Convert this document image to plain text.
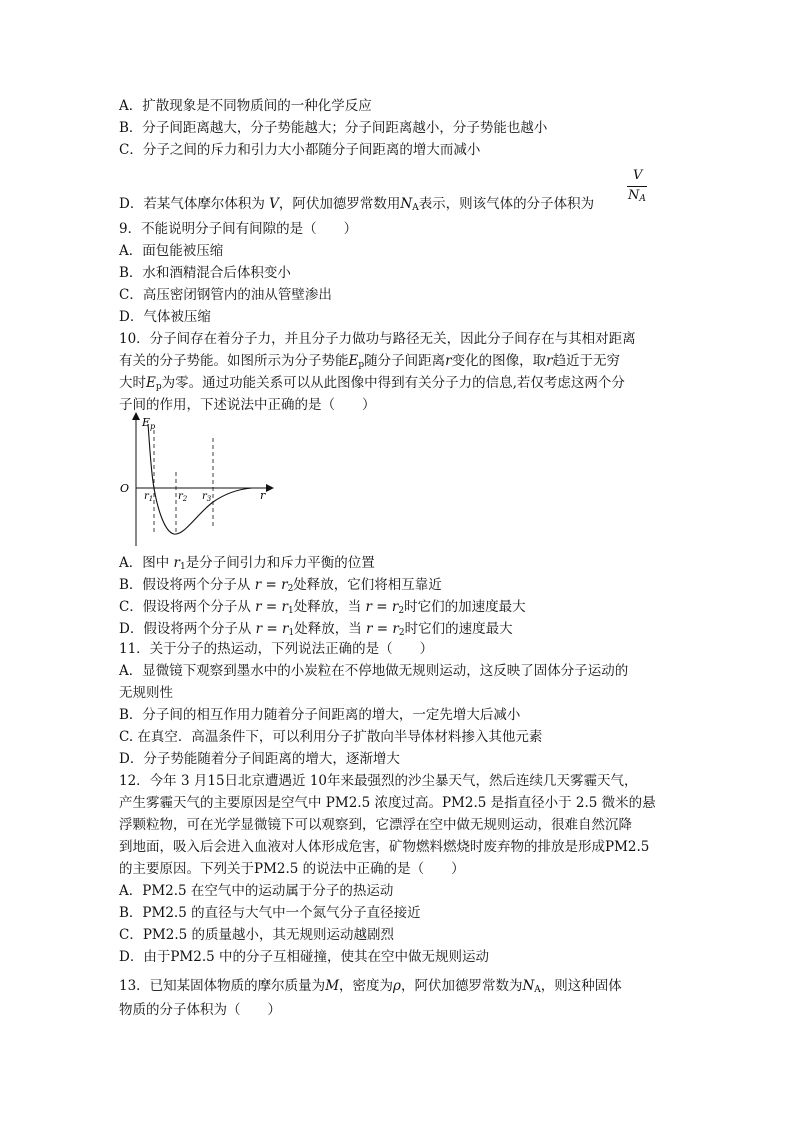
A．扩散现象是不同物质间的一种化学反应
B．分子间距离越大，分子势能越大；分子间距离越小，分子势能也越小
C．分子之间的斥力和引力大小都随分子间距离的增大而减小
V
$N_A$
D．若某气体摩尔体积为 V，阿伏加德罗常数用$N_A$表示，则该气体的分子体积为
9．不能说明分子间有间隙的是（　　）
A．面包能被压缩
B．水和酒精混合后体积变小
C．高压密闭钢管内的油从管壁渗出
D．气体被压缩
10．分子间存在着分子力，并且分子力做功与路径无关，因此分子间存在与其相对距离
有关的分子势能。如图所示为分子势能$E_p$随分子间距离r变化的图像，取r趋近于无穷
大时$E_p$为零。通过功能关系可以从此图像中得到有关分子力的信息,若仅考虑这两个分
子间的作用，下述说法中正确的是（　　）
$E_p$
O
r
$r_1$ $r_2$ $r_3$
A．图中 $r_1$是分子间引力和斥力平衡的位置
B．假设将两个分子从 $r = r_2$处释放，它们将相互靠近
C．假设将两个分子从 $r = r_1$处释放，当 $r = r_2$时它们的加速度最大
D．假设将两个分子从 $r = r_1$处释放，当 $r = r_2$时它们的速度最大
11．关于分子的热运动，下列说法正确的是（　　）
A．显微镜下观察到墨水中的小炭粒在不停地做无规则运动，这反映了固体分子运动的
无规则性
B．分子间的相互作用力随着分子间距离的增大，一定先增大后减小
C. 在真空．高温条件下，可以利用分子扩散向半导体材料掺入其他元素
D．分子势能随着分子间距离的增大，逐渐增大
12．今年 3 月15日北京遭遇近 10年来最强烈的沙尘暴天气，然后连续几天雾霾天气，
产生雾霾天气的主要原因是空气中 PM2.5 浓度过高。PM2.5 是指直径小于 2.5 微米的悬
浮颗粒物，可在光学显微镜下可以观察到，它漂浮在空中做无规则运动，很难自然沉降
到地面，吸入后会进入血液对人体形成危害，矿物燃料燃烧时废弃物的排放是形成PM2.5
的主要原因。下列关于PM2.5 的说法中正确的是（　　）
A．PM2.5 在空气中的运动属于分子的热运动
B．PM2.5 的直径与大气中一个氮气分子直径接近
C．PM2.5 的质量越小，其无规则运动越剧烈
D．由于PM2.5 中的分子互相碰撞，使其在空中做无规则运动
13．已知某固体物质的摩尔质量为M，密度为ρ，阿伏加德罗常数为$N_A$，则这种固体
物质的分子体积为（　　）
